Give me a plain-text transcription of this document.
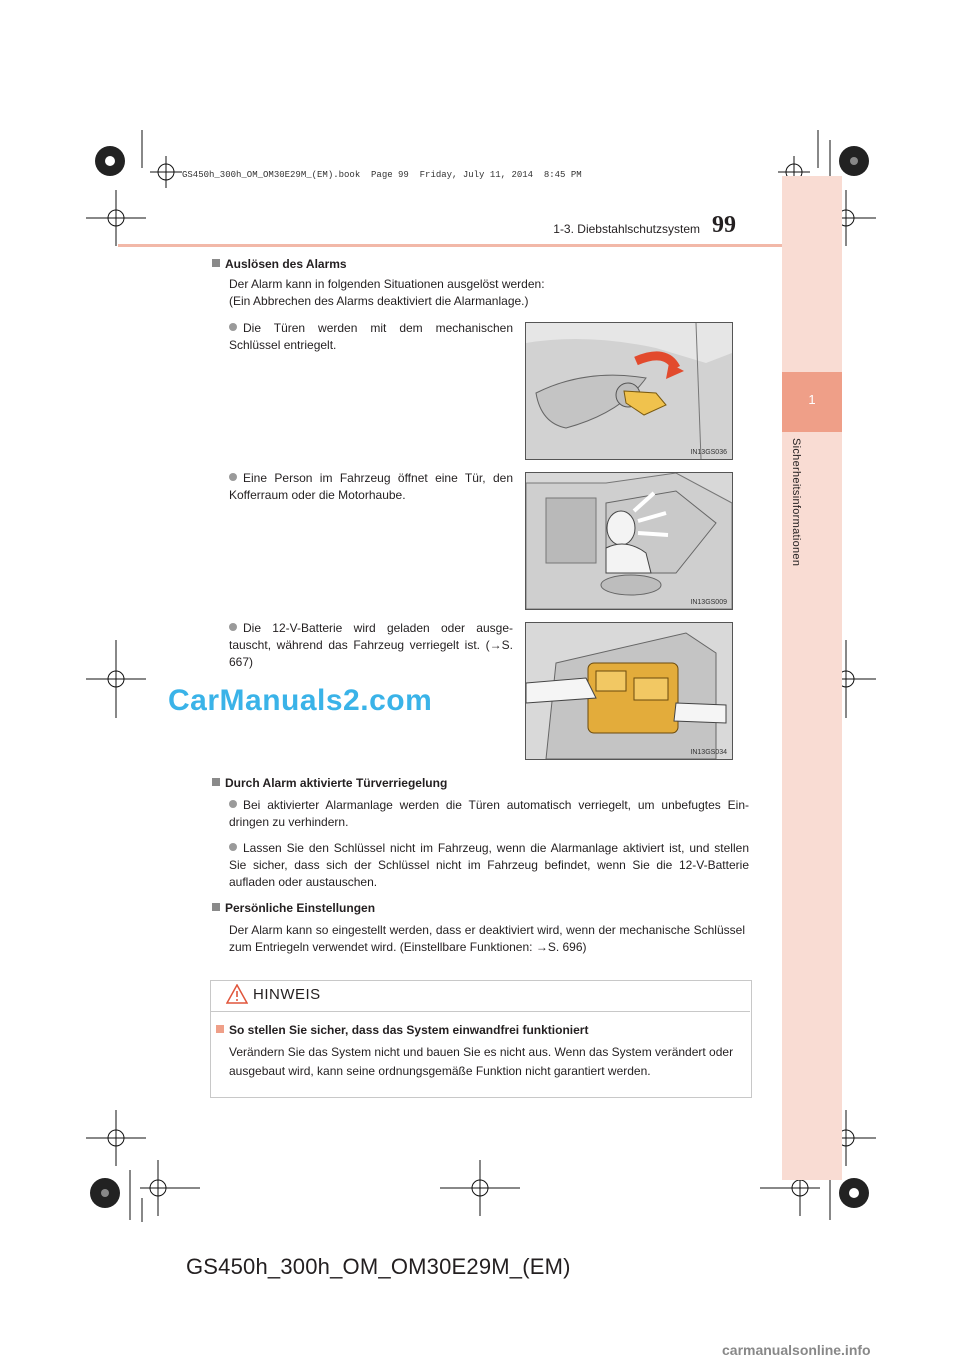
GS450h_300h_OM_OM30E29M_(EM).book  Page 99  Friday, July 11, 2014  8:45 PM
1-3. Diebstahlschutzsystem 99
1
Sicherheitsinformationen
Auslösen des Alarms
Der Alarm kann in folgenden Situationen ausgelöst werden:
(Ein Abbrechen des Alarms deaktiviert die Alarmanlage.)
Die Türen werden mit dem mechanischen Schlüssel entriegelt.
IN13GS036
Eine Person im Fahrzeug öffnet eine Tür, den Kofferraum oder die Motorhaube.
IN13GS009
Die 12-V-Batterie wird geladen oder ausge-tauscht, während das Fahrzeug verriegelt ist. (→S. 667)
IN13GS034
CarManuals2.com
Durch Alarm aktivierte Türverriegelung
Bei aktivierter Alarmanlage werden die Türen automatisch verriegelt, um unbefugtes Ein-dringen zu verhindern.
Lassen Sie den Schlüssel nicht im Fahrzeug, wenn die Alarmanlage aktiviert ist, und stellen Sie sicher, dass sich der Schlüssel nicht im Fahrzeug befindet, wenn Sie die 12-V-Batterie aufladen oder austauschen.
Persönliche Einstellungen
Der Alarm kann so eingestellt werden, dass er deaktiviert wird, wenn der mechanische Schlüssel zum Entriegeln verwendet wird. (Einstellbare Funktionen: →S. 696)
HINWEIS
So stellen Sie sicher, dass das System einwandfrei funktioniert
Verändern Sie das System nicht und bauen Sie es nicht aus. Wenn das System verändert oder ausgebaut wird, kann seine ordnungsgemäße Funktion nicht garantiert werden.
GS450h_300h_OM_OM30E29M_(EM)
carmanualsonline.info
